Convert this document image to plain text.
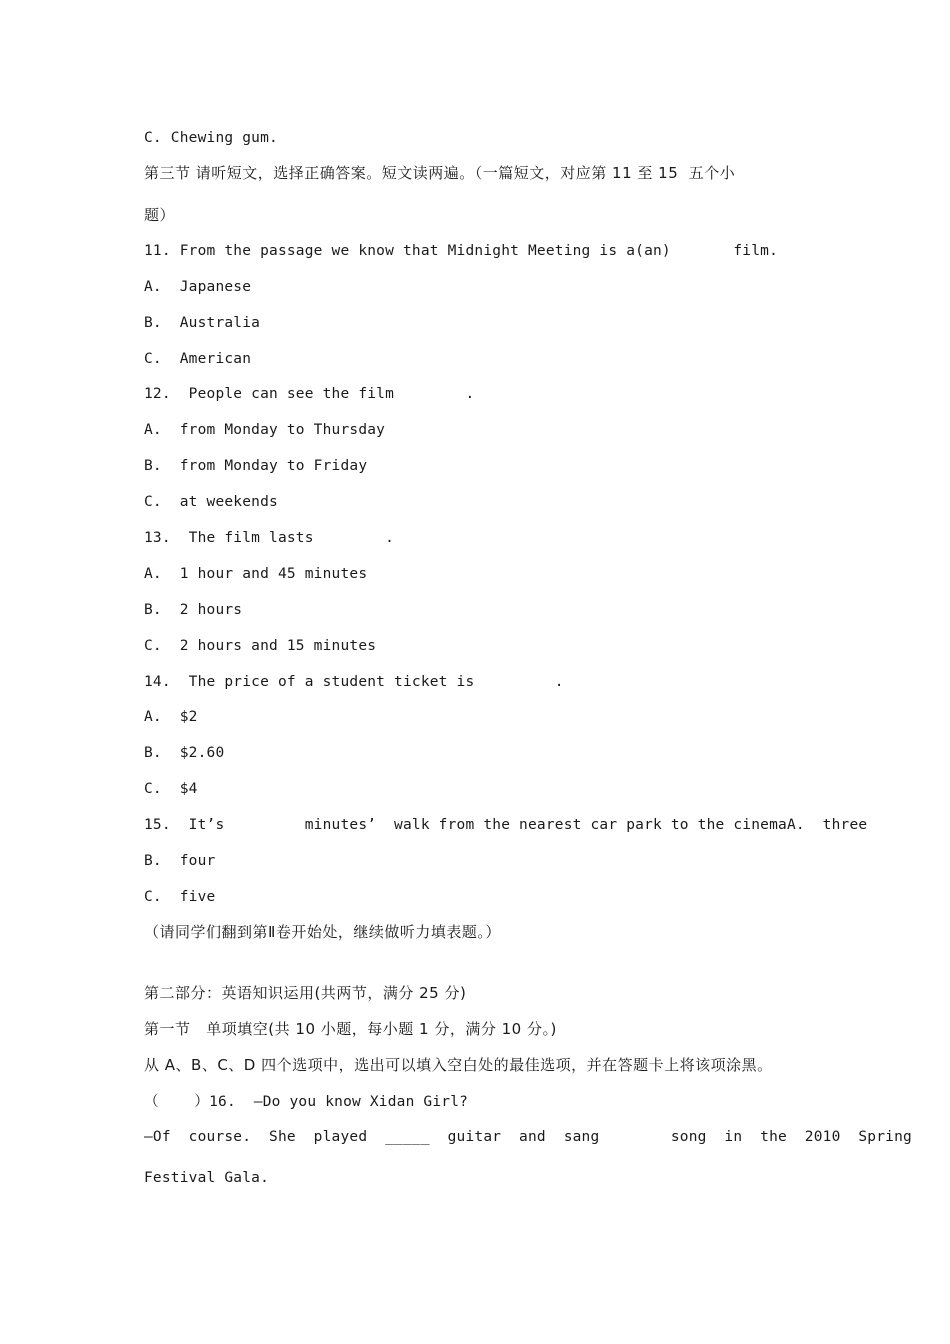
C. Chewing gum.
第三节 请听短文，选择正确答案。短文读两遍。（一篇短文，对应第 11 至 15  五个小
题）
11. From the passage we know that Midnight Meeting is a(an)       film.
A.  Japanese
B.  Australia
C.  American
12.  People can see the film        .
A.  from Monday to Thursday
B.  from Monday to Friday
C.  at weekends
13.  The film lasts        .
A.  1 hour and 45 minutes
B.  2 hours
C.  2 hours and 15 minutes
14.  The price of a student ticket is         .
A.  $2
B.  $2.60
C.  $4
15.  It’s         minutes’  walk from the nearest car park to the cinemaA.  three
B.  four
C.  five
（请同学们翻到第Ⅱ卷开始处，继续做听力填表题。）
第二部分：英语知识运用(共两节，满分 25 分)
第一节   单项填空(共 10 小题，每小题 1 分，满分 10 分。)
从 A、B、C、D 四个选项中，选出可以填入空白处的最佳选项，并在答题卡上将该项涂黑。
（    ）16.  —Do you know Xidan Girl?
—Of  course.  She  played  _____  guitar  and  sang        song  in  the  2010  Spring
Festival Gala.
